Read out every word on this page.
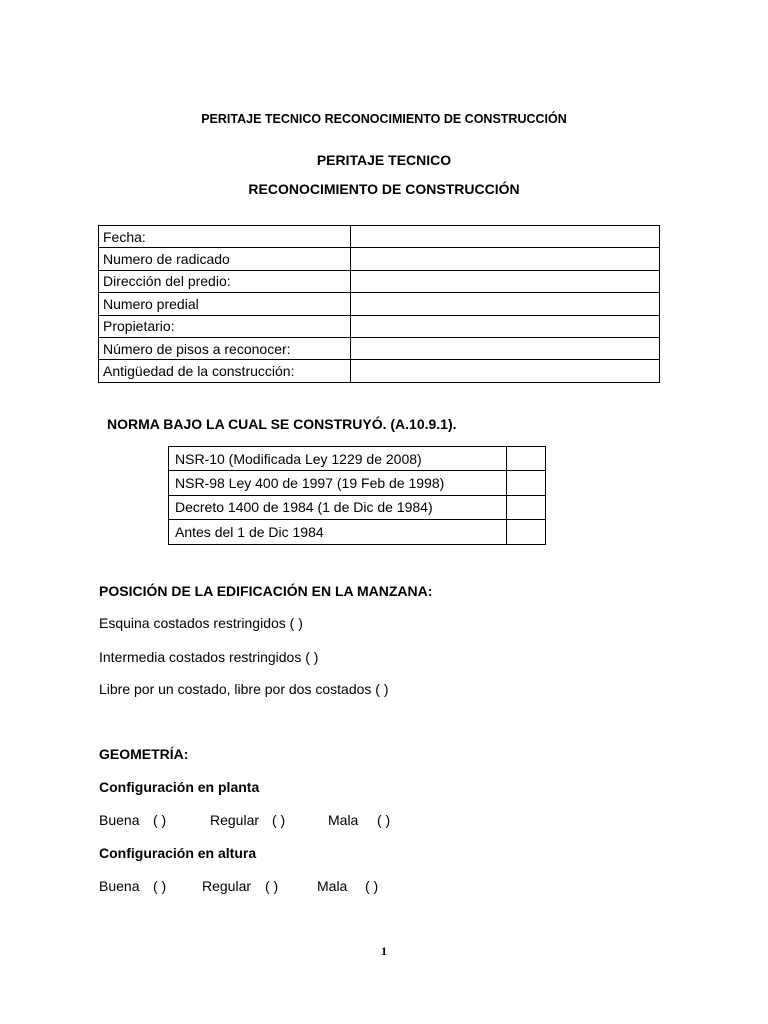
PERITAJE TECNICO RECONOCIMIENTO DE CONSTRUCCIÓN
PERITAJE TECNICO
RECONOCIMIENTO DE CONSTRUCCIÓN
Fecha:	
Numero de radicado	
Dirección del predio:	
Numero predial	
Propietario:	
Número de pisos a reconocer:	
Antigüedad de la construcción:	
NORMA BAJO LA CUAL SE CONSTRUYÓ. (A.10.9.1).
NSR-10 (Modificada Ley 1229 de 2008)	
NSR-98 Ley 400 de 1997 (19 Feb de 1998)	
Decreto 1400 de 1984 (1 de Dic de 1984)	
Antes del 1 de Dic 1984	
POSICIÓN DE LA EDIFICACIÓN EN LA MANZANA:
Esquina costados restringidos ( )
Intermedia costados restringidos ( )
Libre por un costado, libre por dos costados ( )
GEOMETRÍA:
Configuración en planta
Buena ( )	Regular ( )	Mala ( )
Configuración en altura
Buena ( )	Regular ( )	Mala ( )
1
